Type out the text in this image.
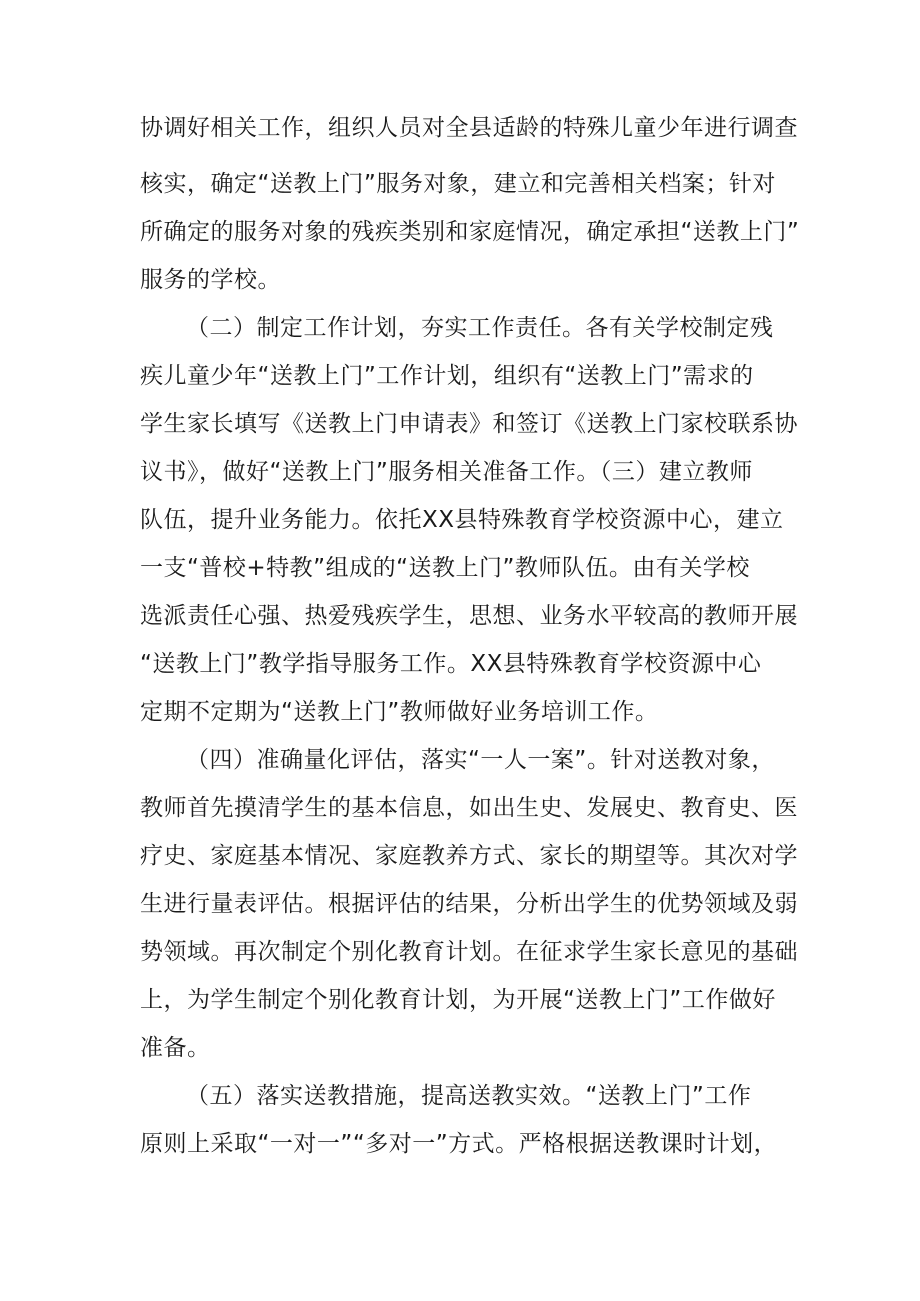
协调好相关工作，组织人员对全县适龄的特殊儿童少年进行调查
核实，确定“送教上门”服务对象，建立和完善相关档案；针对
所确定的服务对象的残疾类别和家庭情况，确定承担“送教上门”
服务的学校。
（二）制定工作计划，夯实工作责任。各有关学校制定残
疾儿童少年“送教上门”工作计划，组织有“送教上门”需求的
学生家长填写《送教上门申请表》和签订《送教上门家校联系协
议书》，做好“送教上门”服务相关准备工作。（三）建立教师
队伍，提升业务能力。依托XX县特殊教育学校资源中心，建立
一支“普校+特教”组成的“送教上门”教师队伍。由有关学校
选派责任心强、热爱残疾学生，思想、业务水平较高的教师开展
“送教上门”教学指导服务工作。XX县特殊教育学校资源中心
定期不定期为“送教上门”教师做好业务培训工作。
（四）准确量化评估，落实“一人一案”。针对送教对象，
教师首先摸清学生的基本信息，如出生史、发展史、教育史、医
疗史、家庭基本情况、家庭教养方式、家长的期望等。其次对学
生进行量表评估。根据评估的结果，分析出学生的优势领域及弱
势领域。再次制定个别化教育计划。在征求学生家长意见的基础
上，为学生制定个别化教育计划，为开展“送教上门”工作做好
准备。
（五）落实送教措施，提高送教实效。“送教上门”工作
原则上采取“一对一”“多对一”方式。严格根据送教课时计划，
